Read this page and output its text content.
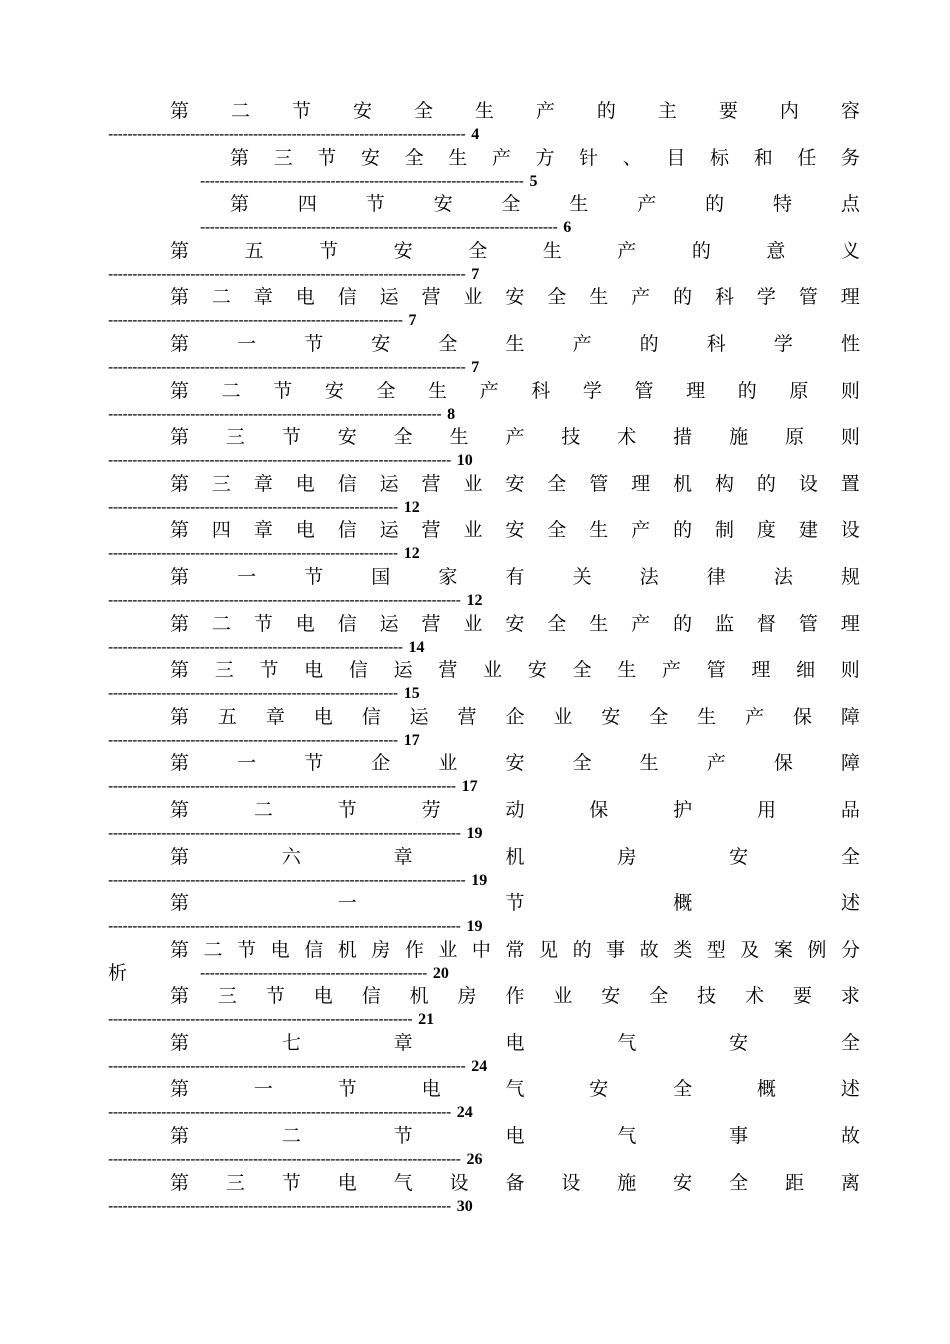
第 二 节 安 全 生 产 的 主 要 内 容
-------------------------------------------------------------------------- 4
第 三 节 安 全 生 产 方 针 、 目 标 和 任 务
------------------------------------------------------------------- 5
第	四	节	安	全	生	产	的	特	点
-------------------------------------------------------------------------- 6
第	五	节	安	全	生	产	的	意	义
-------------------------------------------------------------------------- 7
第 二 章 电 信 运 营 业 安 全 生 产 的 科 学 管 理
------------------------------------------------------------- 7
第	一	节	安	全	生	产	的	科	学	性
-------------------------------------------------------------------------- 7
第 二 节 安 全 生 产 科 学 管 理 的 原 则
--------------------------------------------------------------------- 8
第 三 节 安 全 生 产 技 术 措 施 原 则
----------------------------------------------------------------------- 10
第 三 章 电 信 运 营 业 安 全 管 理 机 构 的 设 置
------------------------------------------------------------ 12
第 四 章 电 信 运 营 业 安 全 生 产 的 制 度 建 设
------------------------------------------------------------ 12
第	一	节	国	家	有	关	法	律	法	规
------------------------------------------------------------------------- 12
第 二 节 电 信 运 营 业 安 全 生 产 的 监 督 管 理
------------------------------------------------------------- 14
第 三 节 电 信 运 营 业 安 全 生 产 管 理 细 则
------------------------------------------------------------ 15
第 五 章 电 信 运 营 企 业 安 全 生 产 保 障
------------------------------------------------------------ 17
第	一	节	企	业	安	全	生	产	保	障
------------------------------------------------------------------------ 17
第	二	节	劳	动	保	护	用	品
------------------------------------------------------------------------- 19
第	六	章	机	房	安	全
-------------------------------------------------------------------------- 19
第	一	节	概	述
------------------------------------------------------------------------- 19
第 二 节 电 信 机 房 作 业 中 常 见 的 事 故 类 型 及 案 例 分
析	----------------------------------------------- 20
第 三 节 电 信 机 房 作 业 安 全 技 术 要 求
--------------------------------------------------------------- 21
第	七	章	电	气	安	全
-------------------------------------------------------------------------- 24
第	一	节	电	气	安	全	概	述
----------------------------------------------------------------------- 24
第	二	节	电	气	事	故
------------------------------------------------------------------------- 26
第 三 节 电 气 设 备 设 施 安 全 距 离
----------------------------------------------------------------------- 30
